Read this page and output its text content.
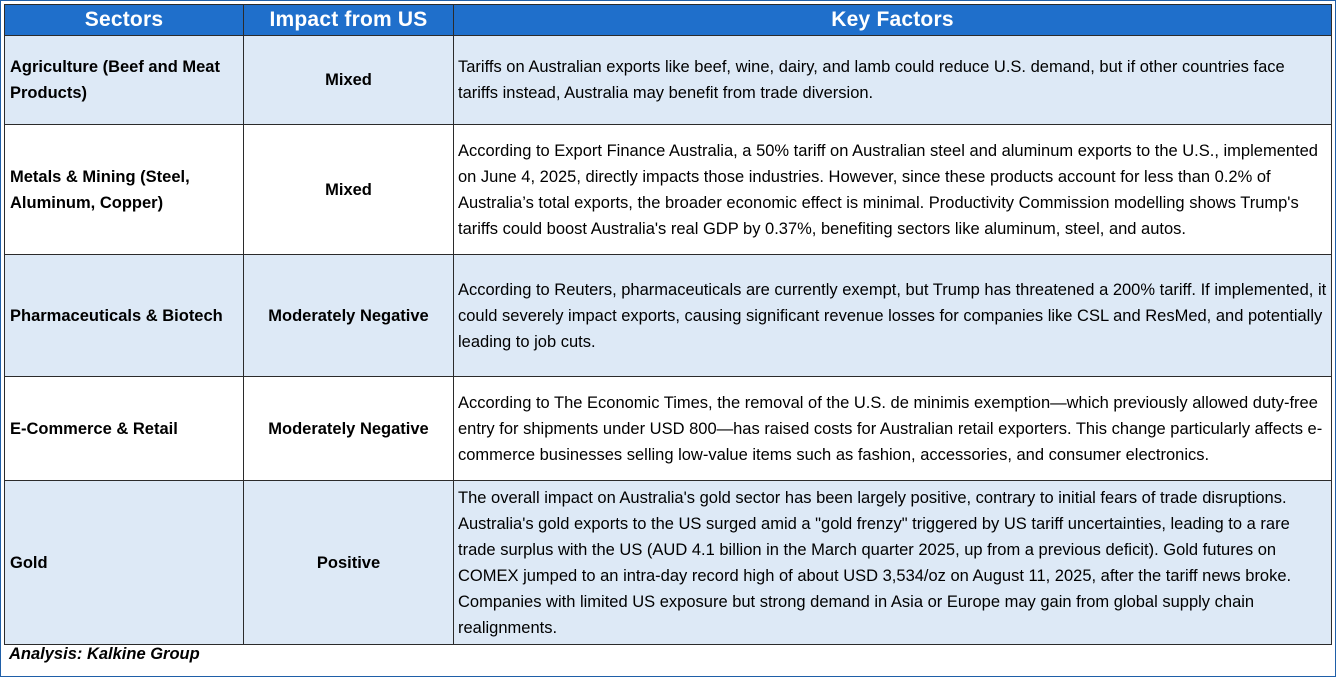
Sectors	Impact from US	Key Factors
Agriculture (Beef and Meat Products)	Mixed	Tariffs on Australian exports like beef, wine, dairy, and lamb could reduce U.S. demand, but if other countries face tariffs instead, Australia may benefit from trade diversion.
Metals & Mining (Steel, Aluminum, Copper)	Mixed	According to Export Finance Australia, a 50% tariff on Australian steel and aluminum exports to the U.S., implemented on June 4, 2025, directly impacts those industries. However, since these products account for less than 0.2% of Australia’s total exports, the broader economic effect is minimal. Productivity Commission modelling shows Trump's tariffs could boost Australia's real GDP by 0.37%, benefiting sectors like aluminum, steel, and autos.
Pharmaceuticals & Biotech	Moderately Negative	According to Reuters, pharmaceuticals are currently exempt, but Trump has threatened a 200% tariff. If implemented, it could severely impact exports, causing significant revenue losses for companies like CSL and ResMed, and potentially leading to job cuts.
E-Commerce & Retail	Moderately Negative	According to The Economic Times, the removal of the U.S. de minimis exemption—which previously allowed duty-free entry for shipments under USD 800—has raised costs for Australian retail exporters. This change particularly affects e-commerce businesses selling low-value items such as fashion, accessories, and consumer electronics.
Gold	Positive	The overall impact on Australia's gold sector has been largely positive, contrary to initial fears of trade disruptions. Australia's gold exports to the US surged amid a "gold frenzy" triggered by US tariff uncertainties, leading to a rare trade surplus with the US (AUD 4.1 billion in the March quarter 2025, up from a previous deficit). Gold futures on COMEX jumped to an intra-day record high of about USD 3,534/oz on August 11, 2025, after the tariff news broke. Companies with limited US exposure but strong demand in Asia or Europe may gain from global supply chain realignments.
Analysis: Kalkine Group
